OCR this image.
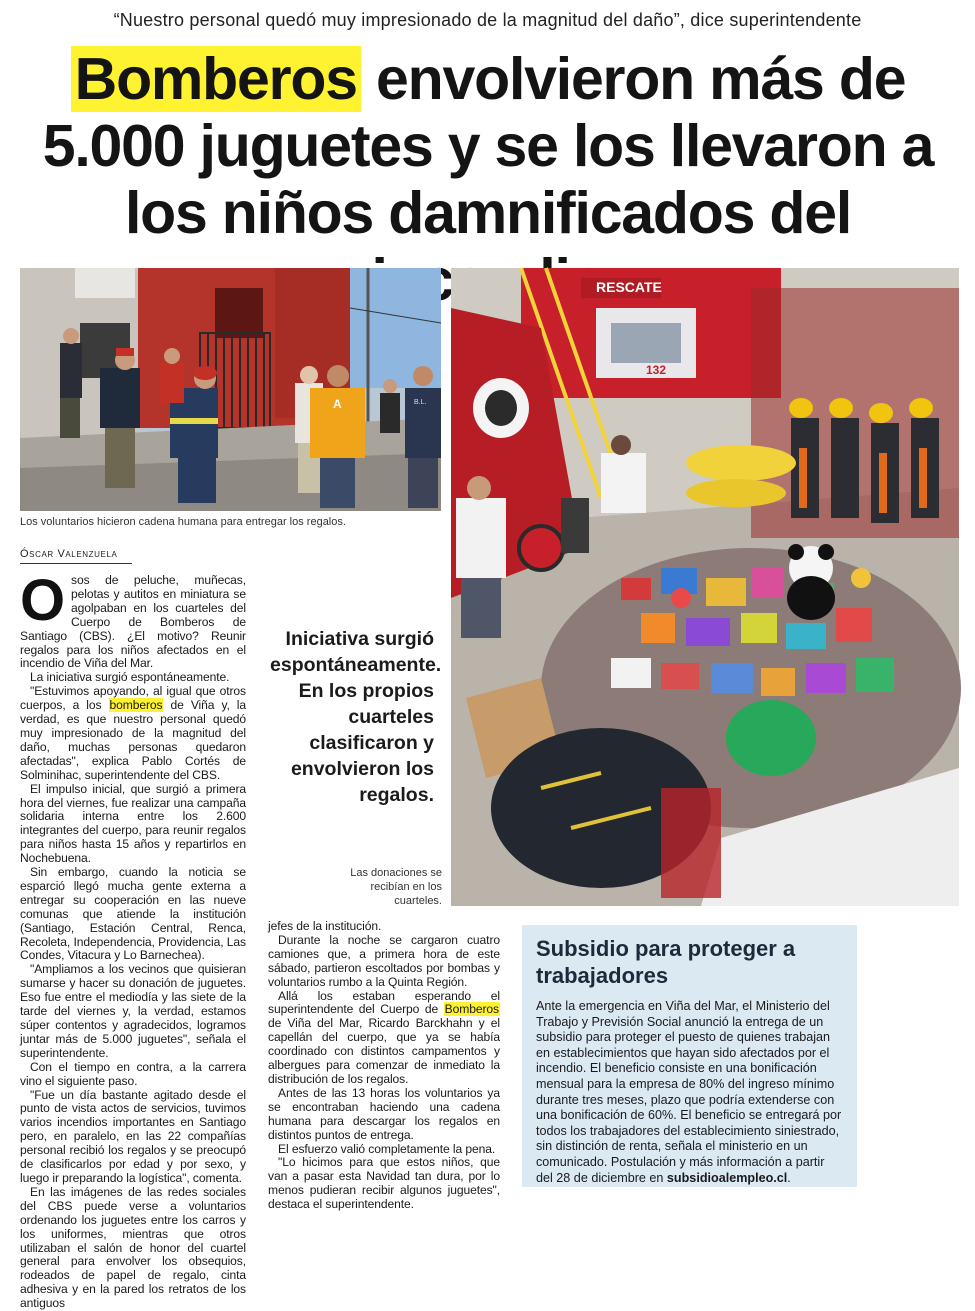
“Nuestro personal quedó muy impresionado de la magnitud del daño”, dice superintendente
Bomberos envolvieron más de
5.000 juguetes y se los llevaron a
los niños damnificados del
B.L.
A
Los voluntarios hicieron cadena humana para entregar los regalos.
RESCATE
132
Las donaciones se recibían en los cuarteles.
Óscar Valenzuela

Osos de peluche, muñecas, pelotas y autitos en miniatura se agolpaban en los cuarteles del Cuerpo de Bomberos de Santiago (CBS). ¿El motivo? Reunir regalos para los niños afectados en el incendio de Viña del Mar.

La iniciativa surgió espontáneamente.

"Estuvimos apoyando, al igual que otros cuerpos, a los bomberos de Viña y, la verdad, es que nuestro personal quedó muy impresionado de la magnitud del daño, muchas personas quedaron afectadas", explica Pablo Cortés de Solminihac, superintendente del CBS.

El impulso inicial, que surgió a primera hora del viernes, fue realizar una campaña solidaria interna entre los 2.600 integrantes del cuerpo, para reunir regalos para niños hasta 15 años y repartirlos en Nochebuena.

Sin embargo, cuando la noticia se esparció llegó mucha gente externa a entregar su cooperación en las nueve comunas que atiende la institución (Santiago, Estación Central, Renca, Recoleta, Independencia, Providencia, Las Condes, Vitacura y Lo Barnechea).

"Ampliamos a los vecinos que quisieran sumarse y hacer su donación de juguetes. Eso fue entre el mediodía y las siete de la tarde del viernes y, la verdad, estamos súper contentos y agradecidos, logramos juntar más de 5.000 juguetes", señala el superintendente.

Con el tiempo en contra, a la carrera vino el siguiente paso.

"Fue un día bastante agitado desde el punto de vista actos de servicios, tuvimos varios incendios importantes en Santiago pero, en paralelo, en las 22 compañías personal recibió los regalos y se preocupó de clasificarlos por edad y por sexo, y luego ir preparando la logística", comenta.

En las imágenes de las redes sociales del CBS puede verse a voluntarios ordenando los juguetes entre los carros y los uniformes, mientras que otros utilizaban el salón de honor del cuartel general para envolver los obsequios, rodeados de papel de regalo, cinta adhesiva y en la pared los retratos de los antiguos

Iniciativa surgió espontáneamente. En los propios cuarteles clasificaron y envolvieron los regalos.

jefes de la institución.

Durante la noche se cargaron cuatro camiones que, a primera hora de este sábado, partieron escoltados por bombas y voluntarios rumbo a la Quinta Región.

Allá los estaban esperando el superintendente del Cuerpo de Bomberos de Viña del Mar, Ricardo Barckhahn y el capellán del cuerpo, que ya se había coordinado con distintos campamentos y albergues para comenzar de inmediato la distribución de los regalos.

Antes de las 13 horas los voluntarios ya se encontraban haciendo una cadena humana para descargar los regalos en distintos puntos de entrega.

El esfuerzo valió completamente la pena.

"Lo hicimos para que estos niños, que van a pasar esta Navidad tan dura, por lo menos pudieran recibir algunos juguetes", destaca el superintendente.

Subsidio para proteger a trabajadores
Ante la emergencia en Viña del Mar, el Ministerio del Trabajo y Previsión Social anunció la entrega de un subsidio para proteger el puesto de quienes trabajan en establecimientos que hayan sido afectados por el incendio. El beneficio consiste en una bonificación mensual para la empresa de 80% del ingreso mínimo durante tres meses, plazo que podría extenderse con una bonificación de 60%. El beneficio se entregará por todos los trabajadores del establecimiento siniestrado, sin distinción de renta, señala el ministerio en un comunicado. Postulación y más información a partir del 28 de diciembre en subsidioalempleo.cl.
